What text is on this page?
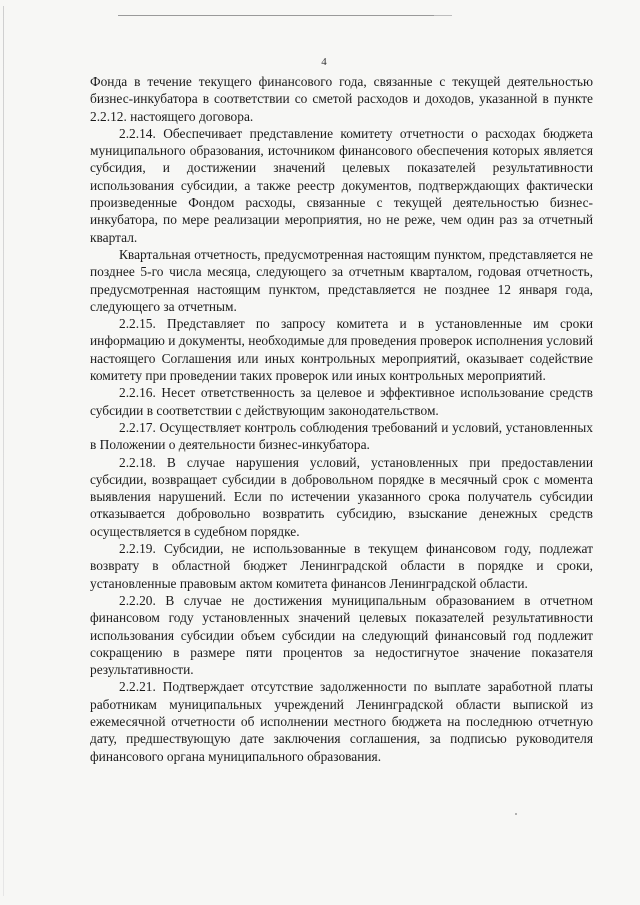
4

Фонда в течение текущего финансового года, связанные с текущей деятельностью бизнес-инкубатора в соответствии со сметой расходов и доходов, указанной в пункте 2.2.12. настоящего договора.

2.2.14. Обеспечивает представление комитету отчетности о расходах бюджета муниципального образования, источником финансового обеспечения которых является субсидия, и достижении значений целевых показателей результативности использования субсидии, а также реестр документов, подтверждающих фактически произведенные Фондом расходы, связанные с текущей деятельностью бизнес-инкубатора, по мере реализации мероприятия, но не реже, чем один раз за отчетный квартал.

Квартальная отчетность, предусмотренная настоящим пунктом, представляется не позднее 5-го числа месяца, следующего за отчетным кварталом, годовая отчетность, предусмотренная настоящим пунктом, представляется не позднее 12 января года, следующего за отчетным.

2.2.15. Представляет по запросу комитета и в установленные им сроки информацию и документы, необходимые для проведения проверок исполнения условий настоящего Соглашения или иных контрольных мероприятий, оказывает содействие комитету при проведении таких проверок или иных контрольных мероприятий.

2.2.16. Несет ответственность за целевое и эффективное использование средств субсидии в соответствии с действующим законодательством.

2.2.17. Осуществляет контроль соблюдения требований и условий, установленных в Положении о деятельности бизнес-инкубатора.

2.2.18. В случае нарушения условий, установленных при предоставлении субсидии, возвращает субсидии в добровольном порядке в месячный срок с момента выявления нарушений. Если по истечении указанного срока получатель субсидии отказывается добровольно возвратить субсидию, взыскание денежных средств осуществляется в судебном порядке.

2.2.19. Субсидии, не использованные в текущем финансовом году, подлежат возврату в областной бюджет Ленинградской области в порядке и сроки, установленные правовым актом комитета финансов Ленинградской области.

2.2.20. В случае не достижения муниципальным образованием в отчетном финансовом году установленных значений целевых показателей результативности использования субсидии объем субсидии на следующий финансовый год подлежит сокращению в размере пяти процентов за недостигнутое значение показателя результативности.

2.2.21. Подтверждает отсутствие задолженности по выплате заработной платы работникам муниципальных учреждений Ленинградской области выпиской из ежемесячной отчетности об исполнении местного бюджета на последнюю отчетную дату, предшествующую дате заключения соглашения, за подписью руководителя финансового органа муниципального образования.
